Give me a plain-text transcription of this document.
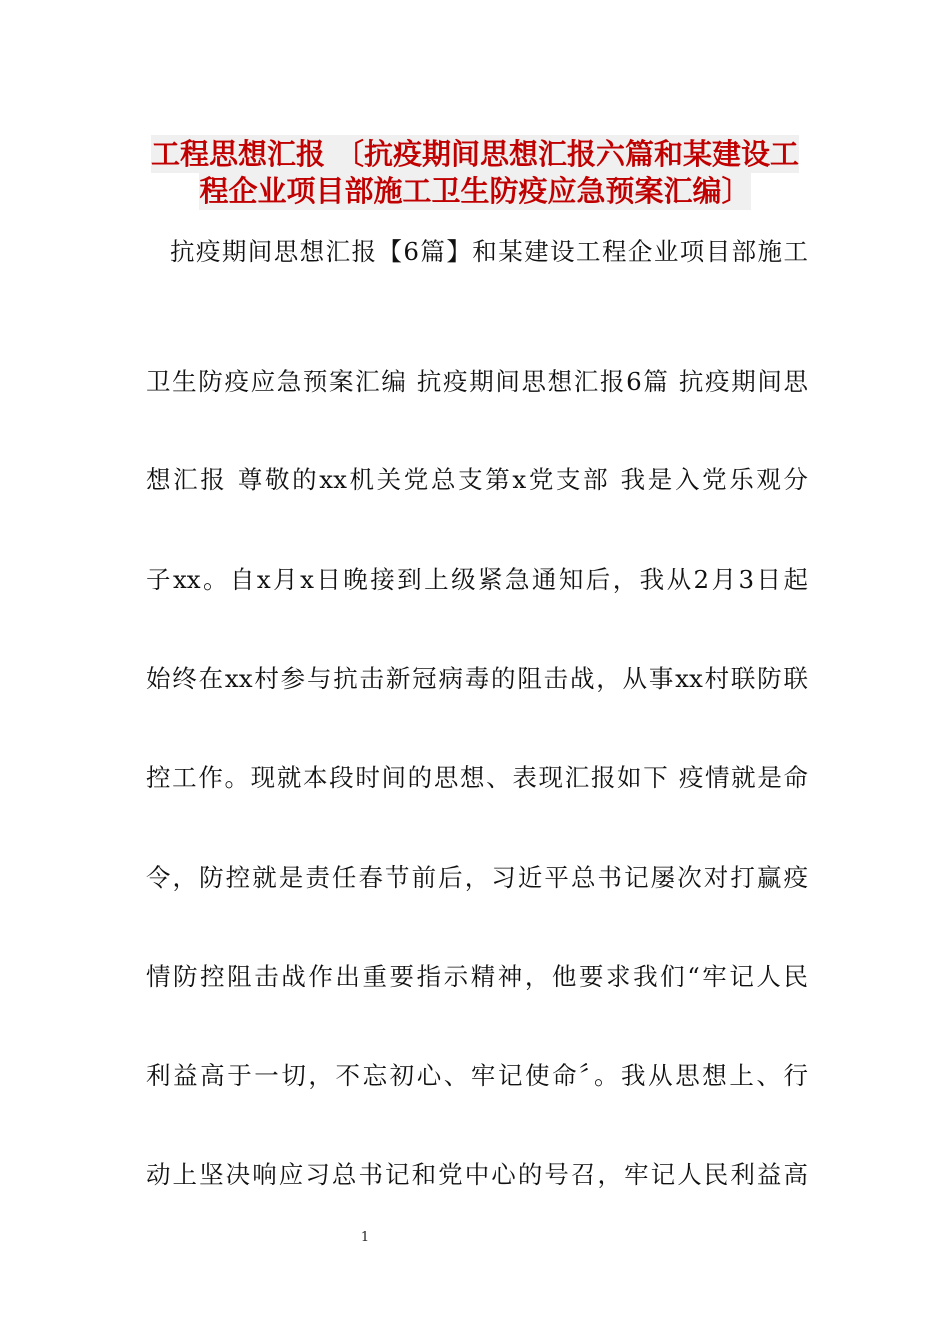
工程思想汇报 〔抗疫期间思想汇报六篇和某建设工
程企业项目部施工卫生防疫应急预案汇编〕
抗疫期间思想汇报【6篇】和某建设工程企业项目部施工
卫生防疫应急预案汇编 抗疫期间思想汇报6篇 抗疫期间思
想汇报 尊敬的xx机关党总支第x党支部 我是入党乐观分
子xx。自x月x日晚接到上级紧急通知后，我从2月3日起
始终在xx村参与抗击新冠病毒的阻击战，从事xx村联防联
控工作。现就本段时间的思想、表现汇报如下 疫情就是命
令，防控就是责任春节前后，习近平总书记屡次对打赢疫
情防控阻击战作出重要指示精神，他要求我们“牢记人民
利益高于一切，不忘初心、牢记使命〞。我从思想上、行
动上坚决响应习总书记和党中心的号召，牢记人民利益高
1
